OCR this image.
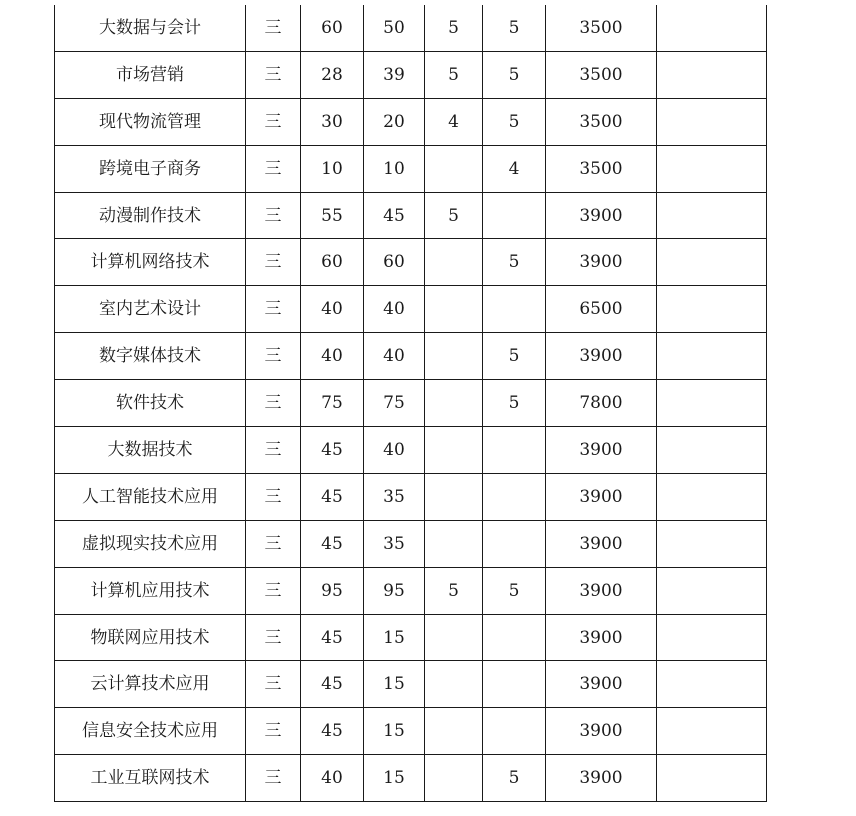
大数据与会计	三	60	50	5	5	3500	
市场营销	三	28	39	5	5	3500	
现代物流管理	三	30	20	4	5	3500	
跨境电子商务	三	10	10		4	3500	
动漫制作技术	三	55	45	5		3900	
计算机网络技术	三	60	60		5	3900	
室内艺术设计	三	40	40			6500	
数字媒体技术	三	40	40		5	3900	
软件技术	三	75	75		5	7800	
大数据技术	三	45	40			3900	
人工智能技术应用	三	45	35			3900	
虚拟现实技术应用	三	45	35			3900	
计算机应用技术	三	95	95	5	5	3900	
物联网应用技术	三	45	15			3900	
云计算技术应用	三	45	15			3900	
信息安全技术应用	三	45	15			3900	
工业互联网技术	三	40	15		5	3900	
